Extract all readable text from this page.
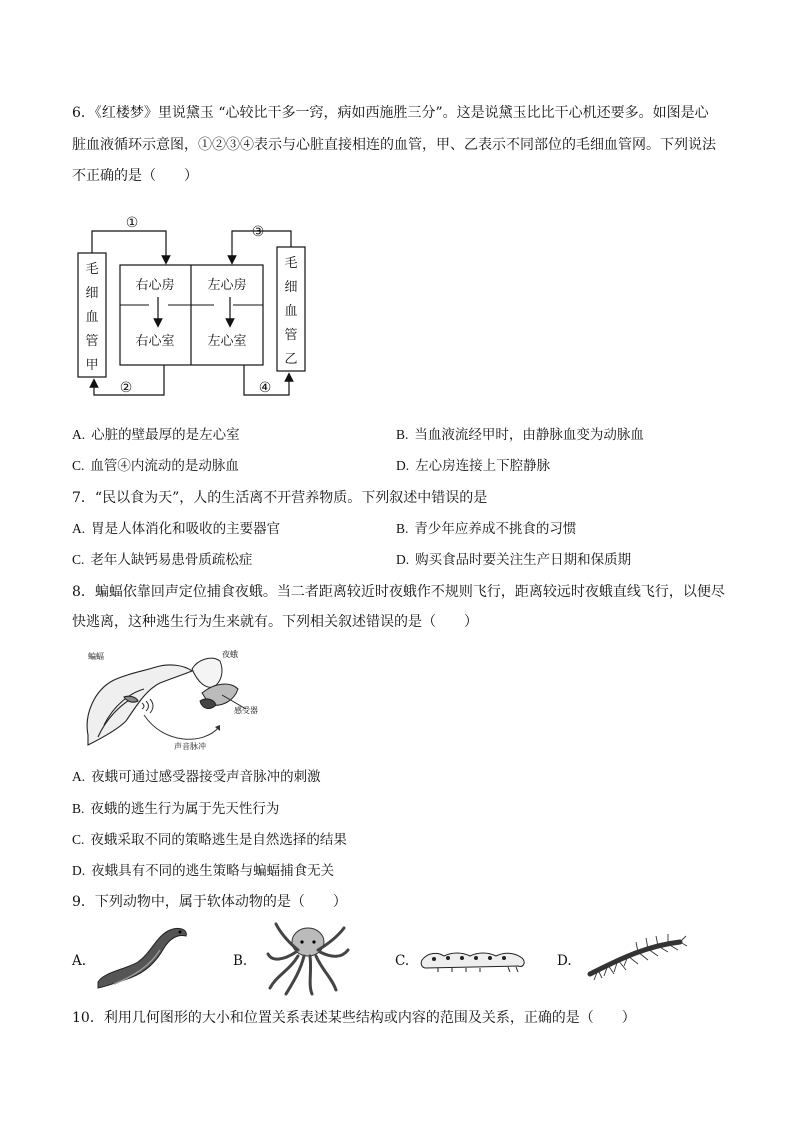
6．《红楼梦》里说黛玉 “心较比干多一窍，病如西施胜三分”。这是说黛玉比比干心机还要多。如图是心
脏血液循环示意图，①②③④表示与心脏直接相连的血管，甲、乙表示不同部位的毛细血管网。下列说法
不正确的是（　　）
右心房	左心房
右心室	左心室
①
③
②	④
毛
细
血
管
甲
毛
细
血
管
乙
A. 心脏的壁最厚的是左心室	B. 当血液流经甲时，由静脉血变为动脉血
C. 血管④内流动的是动脉血	D. 左心房连接上下腔静脉
7．“民以食为天”，人的生活离不开营养物质。下列叙述中错误的是
A. 胃是人体消化和吸收的主要器官	B. 青少年应养成不挑食的习惯
C. 老年人缺钙易患骨质疏松症	D. 购买食品时要关注生产日期和保质期
8．蝙蝠依靠回声定位捕食夜蛾。当二者距离较近时夜蛾作不规则飞行，距离较远时夜蛾直线飞行，以便尽
快逃离，这种逃生行为生来就有。下列相关叙述错误的是（　　）
蝙蝠	夜蛾
感受器
声音脉冲
A. 夜蛾可通过感受器接受声音脉冲的刺激
B. 夜蛾的逃生行为属于先天性行为
C. 夜蛾采取不同的策略逃生是自然选择的结果
D. 夜蛾具有不同的逃生策略与蝙蝠捕食无关
9．下列动物中，属于软体动物的是（　　）
A.	B.	C.	D.
10．利用几何图形的大小和位置关系表述某些结构或内容的范围及关系，正确的是（　　）
